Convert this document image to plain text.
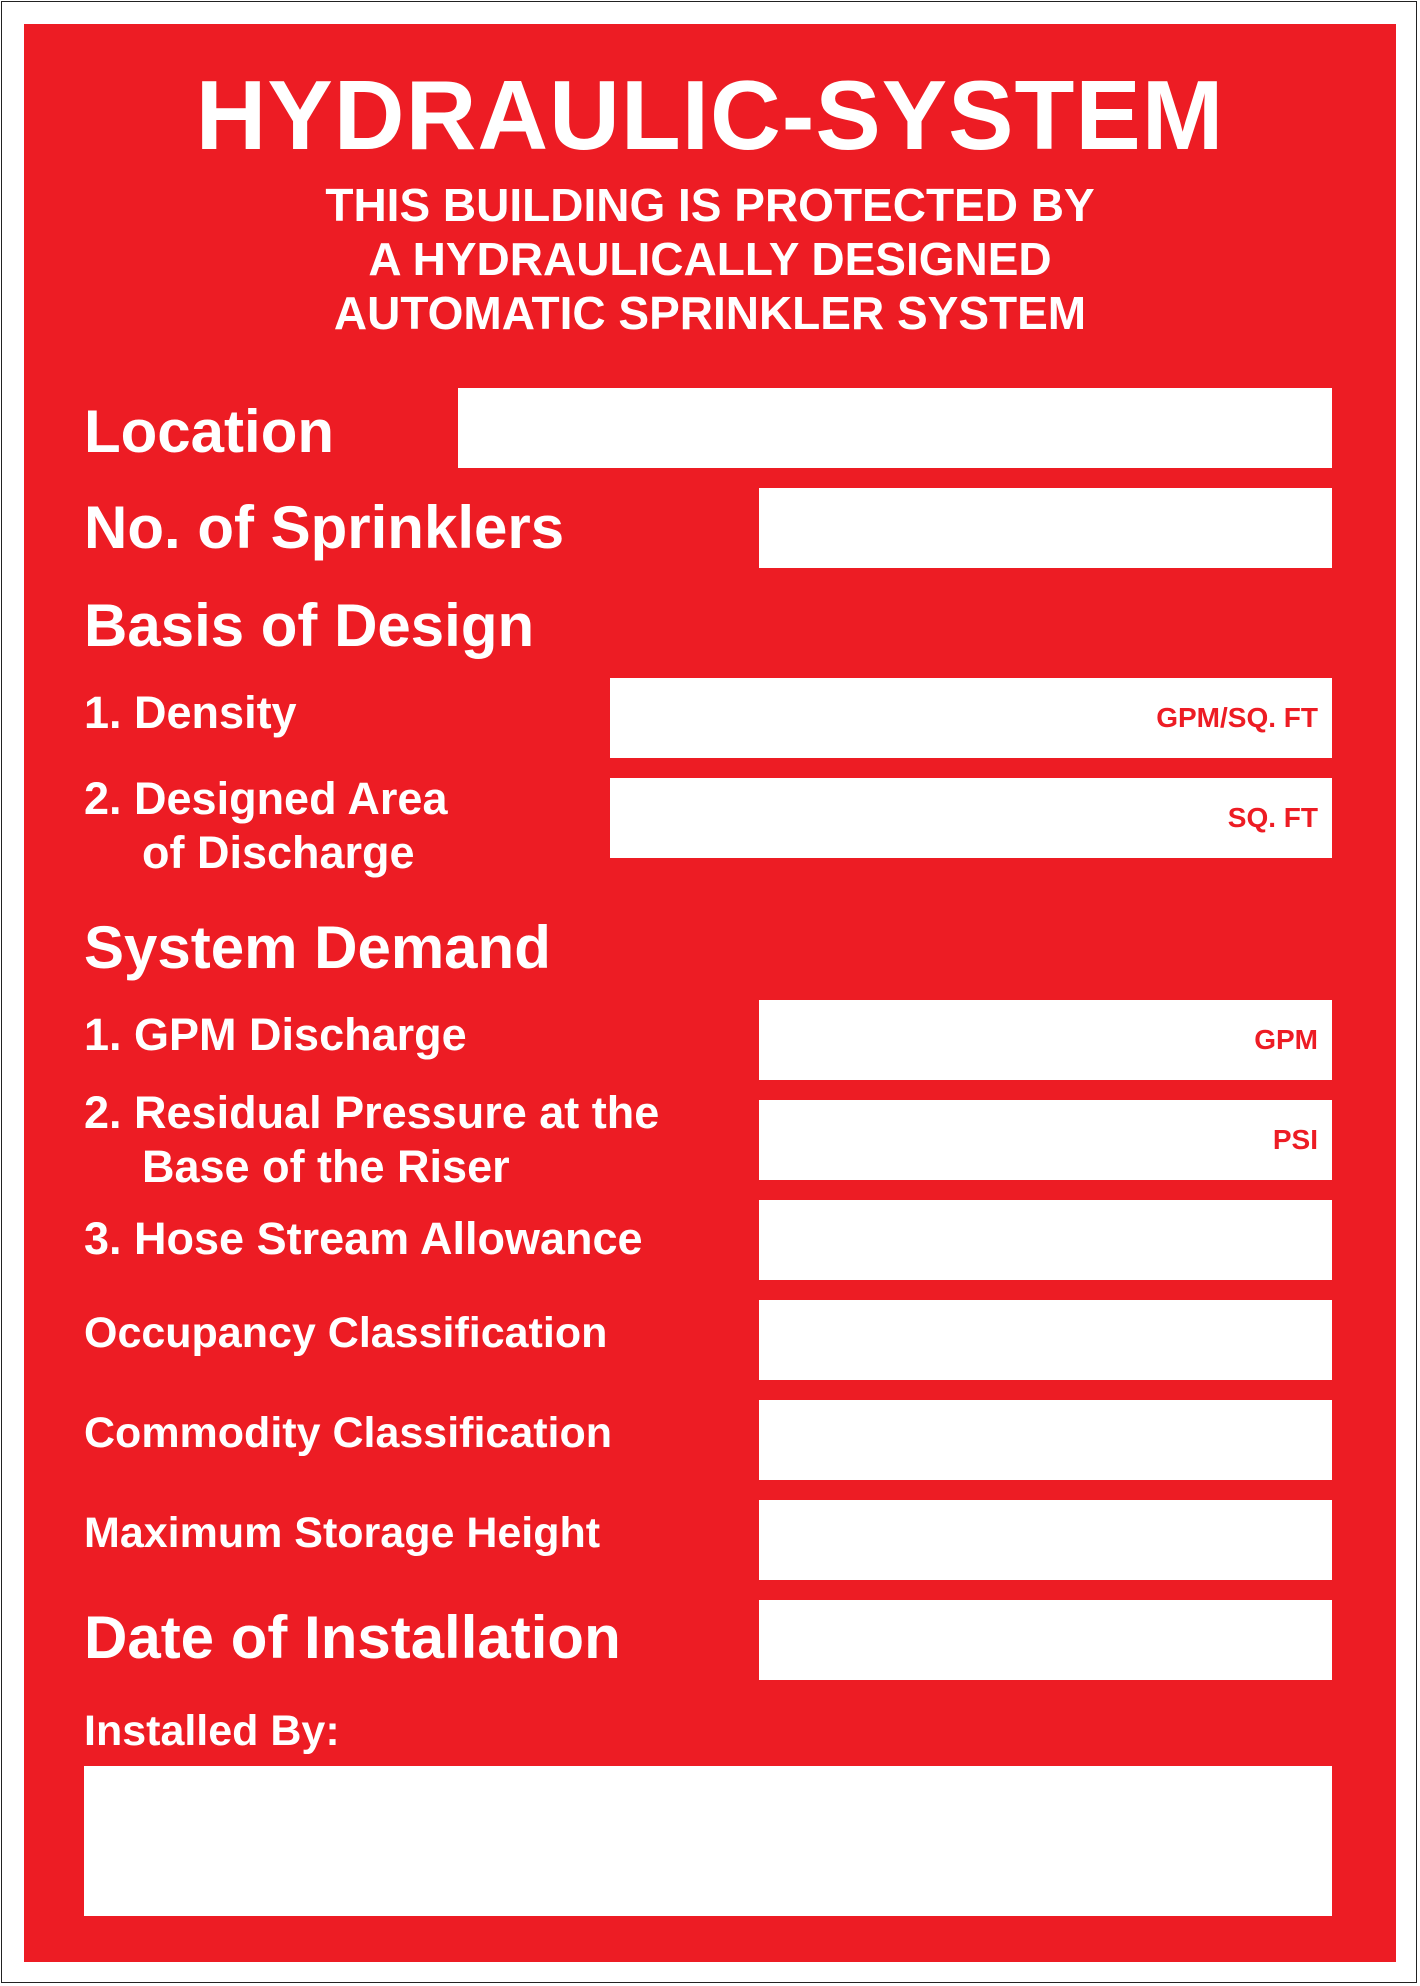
HYDRAULIC-SYSTEM
THIS BUILDING IS PROTECTED BY
A HYDRAULICALLY DESIGNED
AUTOMATIC SPRINKLER SYSTEM
Location
No. of Sprinklers
Basis of Design
1. Density	GPM/SQ. FT
2. Designed Area
of Discharge
SQ. FT
System Demand
1. GPM Discharge	GPM
2. Residual Pressure at the
Base of the Riser
PSI
3. Hose Stream Allowance
Occupancy Classification
Commodity Classification
Maximum Storage Height
Date of Installation
Installed By:
